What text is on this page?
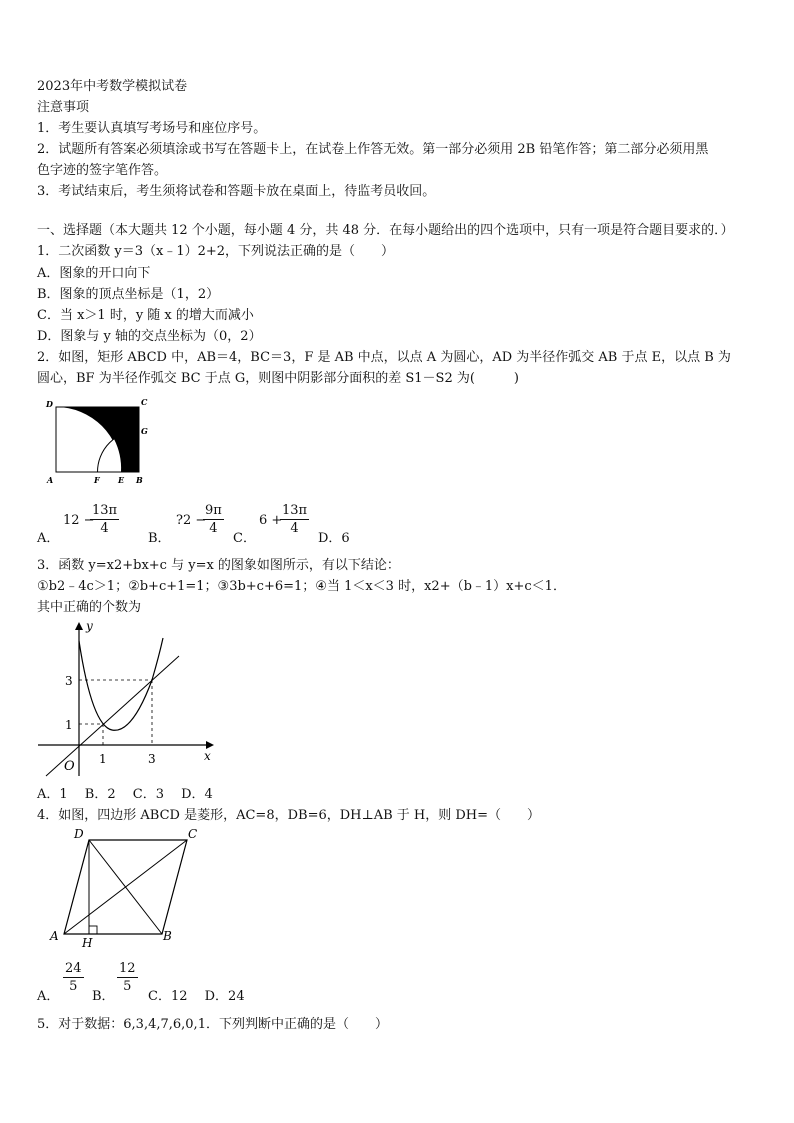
2023年中考数学模拟试卷
注意事项
1．考生要认真填写考场号和座位序号。
2．试题所有答案必须填涂或书写在答题卡上，在试卷上作答无效。第一部分必须用 2B 铅笔作答；第二部分必须用黑
色字迹的签字笔作答。
3．考试结束后，考生须将试卷和答题卡放在桌面上，待监考员收回。
一、选择题（本大题共 12 个小题，每小题 4 分，共 48 分．在每小题给出的四个选项中，只有一项是符合题目要求的．）
1．二次函数 y＝3（x﹣1）2+2，下列说法正确的是（　　）
A．图象的开口向下
B．图象的顶点坐标是（1，2）
C．当 x＞1 时，y 随 x 的增大而减小
D．图象与 y 轴的交点坐标为（0，2）
2．如图，矩形 ABCD 中，AB＝4，BC＝3，F 是 AB 中点，以点 A 为圆心，AD 为半径作弧交 AB 于点 E，以点 B 为
圆心，BF 为半径作弧交 BC 于点 G，则图中阴影部分面积的差 S1－S2 为(　　　)
D	C
G
A	F E B
A．
12 −
$\frac{13\pi}{4}$
B．
?2 −
$\frac{9\pi}{4}$
C．
6 +
$\frac{13\pi}{4}$
D．6
3．函数 y=x2+bx+c 与 y=x 的图象如图所示，有以下结论：
①b2﹣4c＞1；②b+c+1=1；③3b+c+6=1；④当 1＜x＜3 时，x2+（b﹣1）x+c＜1．
其中正确的个数为
y
x
O
3
1
1	3
A．1　 B．2　 C．3　 D．4
4．如图，四边形 ABCD 是菱形，AC=8，DB=6，DH⊥AB 于 H，则 DH=（　　）
D	C
A H	B
A．
$\frac{24}{5}$
B．
$\frac{12}{5}$
C．12　 D．24
5．对于数据：6,3,4,7,6,0,1．下列判断中正确的是（　　）
